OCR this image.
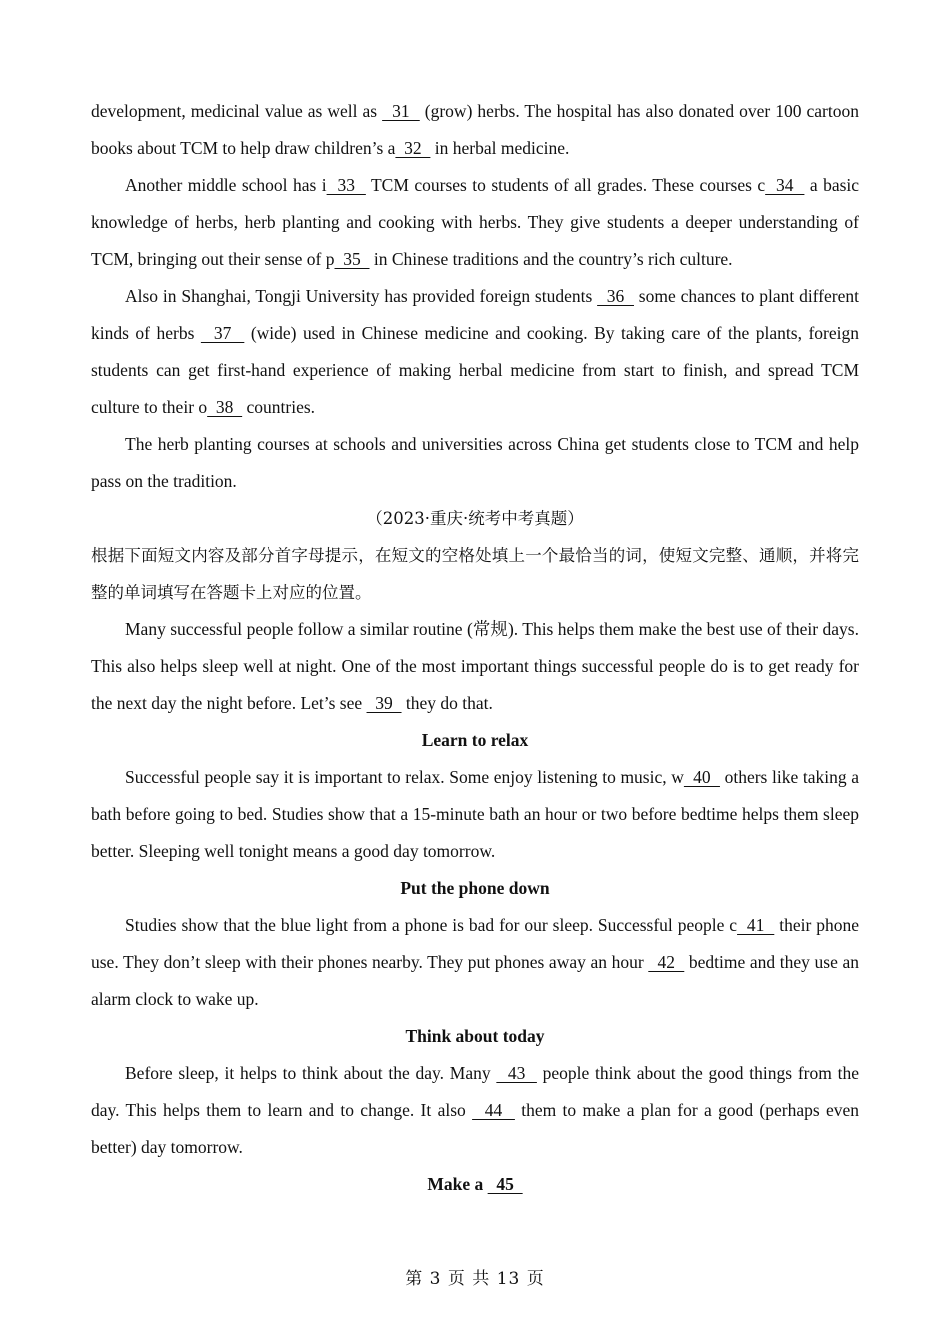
development, medicinal value as well as   31   (grow) herbs. The hospital has also donated over 100 cartoon books about TCM to help draw children’s a  32   in herbal medicine.

Another middle school has i  33   TCM courses to students of all grades. These courses c  34   a basic knowledge of herbs, herb planting and cooking with herbs. They give students a deeper understanding of TCM, bringing out their sense of p  35   in Chinese traditions and the country’s rich culture.

Also in Shanghai, Tongji University has provided foreign students   36   some chances to plant different kinds of herbs   37   (wide) used in Chinese medicine and cooking. By taking care of the plants, foreign students can get first-hand experience of making herbal medicine from start to finish, and spread TCM culture to their o  38   countries.

The herb planting courses at schools and universities across China get students close to TCM and help pass on the tradition.

（2023·重庆·统考中考真题）

根据下面短文内容及部分首字母提示，在短文的空格处填上一个最恰当的词，使短文完整、通顺，并将完整的单词填写在答题卡上对应的位置。

Many successful people follow a similar routine (常规). This helps them make the best use of their days. This also helps sleep well at night. One of the most important things successful people do is to get ready for the next day the night before. Let’s see   39   they do that.

Learn to relax

Successful people say it is important to relax. Some enjoy listening to music, w  40   others like taking a bath before going to bed. Studies show that a 15-minute bath an hour or two before bedtime helps them sleep better. Sleeping well tonight means a good day tomorrow.

Put the phone down

Studies show that the blue light from a phone is bad for our sleep. Successful people c  41   their phone use. They don’t sleep with their phones nearby. They put phones away an hour   42   bedtime and they use an alarm clock to wake up.

Think about today

Before sleep, it helps to think about the day. Many   43   people think about the good things from the day. This helps them to learn and to change. It also   44   them to make a plan for a good (perhaps even better) day tomorrow.

Make a   45

第 3 页 共 13 页
